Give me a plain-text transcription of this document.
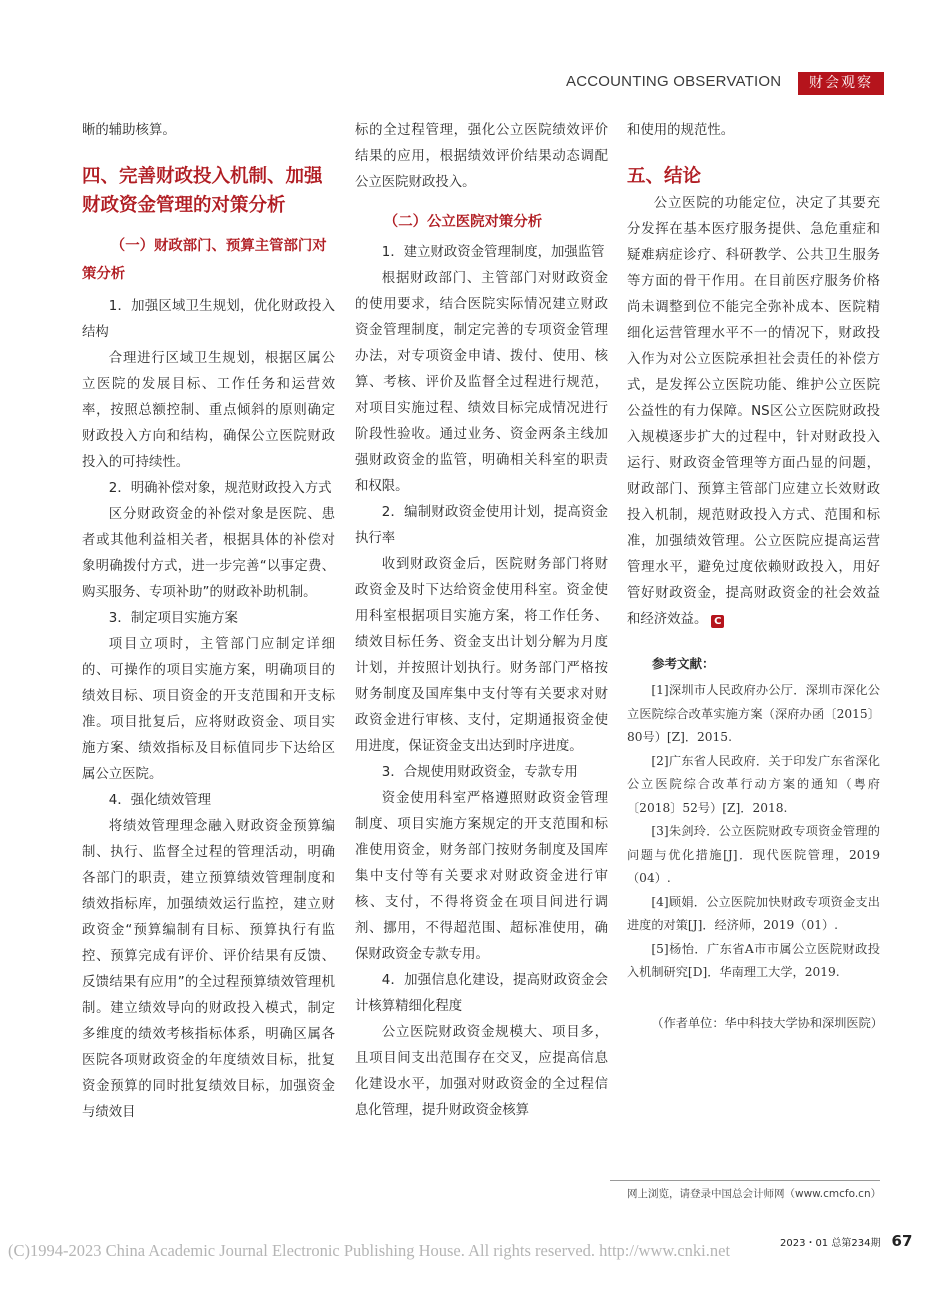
ACCOUNTING OBSERVATION	财会观察

晰的辅助核算。

四、完善财政投入机制、加强财政资金管理的对策分析
（一）财政部门、预算主管部门对策分析

1．加强区域卫生规划，优化财政投入结构

合理进行区域卫生规划，根据区属公立医院的发展目标、工作任务和运营效率，按照总额控制、重点倾斜的原则确定财政投入方向和结构，确保公立医院财政投入的可持续性。

2．明确补偿对象，规范财政投入方式

区分财政资金的补偿对象是医院、患者或其他利益相关者，根据具体的补偿对象明确拨付方式，进一步完善“以事定费、购买服务、专项补助”的财政补助机制。

3．制定项目实施方案

项目立项时，主管部门应制定详细的、可操作的项目实施方案，明确项目的绩效目标、项目资金的开支范围和开支标准。项目批复后，应将财政资金、项目实施方案、绩效指标及目标值同步下达给区属公立医院。

4．强化绩效管理

将绩效管理理念融入财政资金预算编制、执行、监督全过程的管理活动，明确各部门的职责，建立预算绩效管理制度和绩效指标库，加强绩效运行监控，建立财政资金“预算编制有目标、预算执行有监控、预算完成有评价、评价结果有反馈、反馈结果有应用”的全过程预算绩效管理机制。建立绩效导向的财政投入模式，制定多维度的绩效考核指标体系，明确区属各医院各项财政资金的年度绩效目标，批复资金预算的同时批复绩效目标，加强资金与绩效目

标的全过程管理，强化公立医院绩效评价结果的应用，根据绩效评价结果动态调配公立医院财政投入。

（二）公立医院对策分析

1．建立财政资金管理制度，加强监管

根据财政部门、主管部门对财政资金的使用要求，结合医院实际情况建立财政资金管理制度，制定完善的专项资金管理办法，对专项资金申请、拨付、使用、核算、考核、评价及监督全过程进行规范，对项目实施过程、绩效目标完成情况进行阶段性验收。通过业务、资金两条主线加强财政资金的监管，明确相关科室的职责和权限。

2．编制财政资金使用计划，提高资金执行率

收到财政资金后，医院财务部门将财政资金及时下达给资金使用科室。资金使用科室根据项目实施方案，将工作任务、绩效目标任务、资金支出计划分解为月度计划，并按照计划执行。财务部门严格按财务制度及国库集中支付等有关要求对财政资金进行审核、支付，定期通报资金使用进度，保证资金支出达到时序进度。

3．合规使用财政资金，专款专用

资金使用科室严格遵照财政资金管理制度、项目实施方案规定的开支范围和标准使用资金，财务部门按财务制度及国库集中支付等有关要求对财政资金进行审核、支付，不得将资金在项目间进行调剂、挪用，不得超范围、超标准使用，确保财政资金专款专用。

4．加强信息化建设，提高财政资金会计核算精细化程度

公立医院财政资金规模大、项目多，且项目间支出范围存在交叉，应提高信息化建设水平，加强对财政资金的全过程信息化管理，提升财政资金核算

和使用的规范性。

五、结论

公立医院的功能定位，决定了其要充分发挥在基本医疗服务提供、急危重症和疑难病症诊疗、科研教学、公共卫生服务等方面的骨干作用。在目前医疗服务价格尚未调整到位不能完全弥补成本、医院精细化运营管理水平不一的情况下，财政投入作为对公立医院承担社会责任的补偿方式，是发挥公立医院功能、维护公立医院公益性的有力保障。NS区公立医院财政投入规模逐步扩大的过程中，针对财政投入运行、财政资金管理等方面凸显的问题，财政部门、预算主管部门应建立长效财政投入机制，规范财政投入方式、范围和标准，加强绩效管理。公立医院应提高运营管理水平，避免过度依赖财政投入，用好管好财政资金，提高财政资金的社会效益和经济效益。 C

参考文献：

[1]深圳市人民政府办公厅．深圳市深化公立医院综合改革实施方案（深府办函〔2015〕80号）[Z]．2015.

[2]广东省人民政府．关于印发广东省深化公立医院综合改革行动方案的通知（粤府〔2018〕52号）[Z]．2018.

[3]朱剑玲．公立医院财政专项资金管理的问题与优化措施[J]．现代医院管理，2019（04）.

[4]顾娟．公立医院加快财政专项资金支出进度的对策[J]．经济师，2019（01）.

[5]杨怡．广东省A市市属公立医院财政投入机制研究[D]．华南理工大学，2019.

（作者单位：华中科技大学协和深圳医院）

网上浏览，请登录中国总会计师网（www.cmcfo.cn）
2023・01 总第234期 67
(C)1994-2023 China Academic Journal Electronic Publishing House. All rights reserved. http://www.cnki.net
